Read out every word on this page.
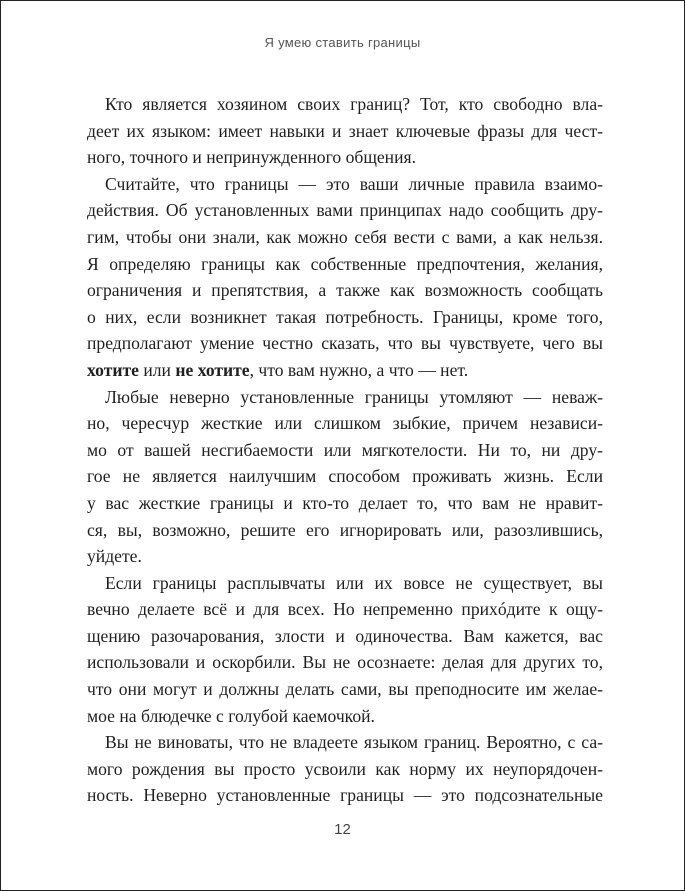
Я умею ставить границы
Кто является хозяином своих границ? Тот, кто свободно вла-
деет их языком: имеет навыки и знает ключевые фразы для чест-
ного, точного и непринужденного общения.
Считайте, что границы — это ваши личные правила взаимо-
действия. Об установленных вами принципах надо сообщить дру-
гим, чтобы они знали, как можно себя вести с вами, а как нельзя.
Я определяю границы как собственные предпочтения, желания,
ограничения и препятствия, а также как возможность сообщать
о них, если возникнет такая потребность. Границы, кроме того,
предполагают умение честно сказать, что вы чувствуете, чего вы
хотите или не хотите, что вам нужно, а что — нет.
Любые неверно установленные границы утомляют — неваж-
но, чересчур жесткие или слишком зыбкие, причем независи-
мо от вашей несгибаемости или мягкотелости. Ни то, ни дру-
гое не является наилучшим способом проживать жизнь. Если
у вас жесткие границы и кто-то делает то, что вам не нравит-
ся, вы, возможно, решите его игнорировать или, разозлившись,
уйдете.
Если границы расплывчаты или их вовсе не существует, вы
вечно делаете всё и для всех. Но непременно прихóдите к ощу-
щению разочарования, злости и одиночества. Вам кажется, вас
использовали и оскорбили. Вы не осознаете: делая для других то,
что они могут и должны делать сами, вы преподносите им желае-
мое на блюдечке с голубой каемочкой.
Вы не виноваты, что не владеете языком границ. Вероятно, с са-
мого рождения вы просто усвоили как норму их неупорядочен-
ность. Неверно установленные границы — это подсознательные
12
